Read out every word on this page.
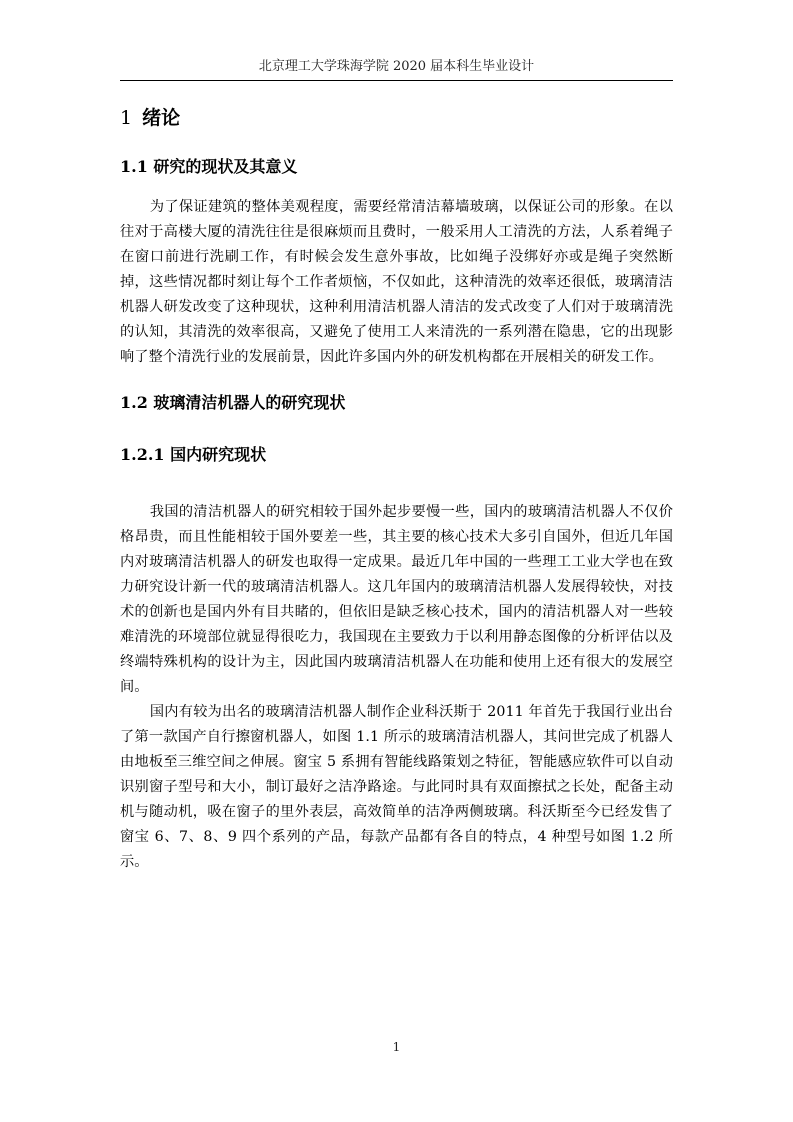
北京理工大学珠海学院 2020 届本科生毕业设计
1 绪论
1.1 研究的现状及其意义

为了保证建筑的整体美观程度，需要经常清洁幕墙玻璃，以保证公司的形象。在以往对于高楼大厦的清洗往往是很麻烦而且费时，一般采用人工清洗的方法，人系着绳子在窗口前进行洗刷工作，有时候会发生意外事故，比如绳子没绑好亦或是绳子突然断掉，这些情况都时刻让每个工作者烦恼，不仅如此，这种清洗的效率还很低，玻璃清洁机器人研发改变了这种现状，这种利用清洁机器人清洁的发式改变了人们对于玻璃清洗的认知，其清洗的效率很高，又避免了使用工人来清洗的一系列潜在隐患，它的出现影响了整个清洗行业的发展前景，因此许多国内外的研发机构都在开展相关的研发工作。

1.2 玻璃清洁机器人的研究现状
1.2.1 国内研究现状

我国的清洁机器人的研究相较于国外起步要慢一些，国内的玻璃清洁机器人不仅价格昂贵，而且性能相较于国外要差一些，其主要的核心技术大多引自国外，但近几年国内对玻璃清洁机器人的研发也取得一定成果。最近几年中国的一些理工工业大学也在致力研究设计新一代的玻璃清洁机器人。这几年国内的玻璃清洁机器人发展得较快，对技术的创新也是国内外有目共睹的，但依旧是缺乏核心技术，国内的清洁机器人对一些较难清洗的环境部位就显得很吃力，我国现在主要致力于以利用静态图像的分析评估以及终端特殊机构的设计为主，因此国内玻璃清洁机器人在功能和使用上还有很大的发展空间。

国内有较为出名的玻璃清洁机器人制作企业科沃斯于 2011 年首先于我国行业出台了第一款国产自行擦窗机器人，如图 1.1 所示的玻璃清洁机器人，其问世完成了机器人由地板至三维空间之伸展。窗宝 5 系拥有智能线路策划之特征，智能感应软件可以自动识别窗子型号和大小，制订最好之洁净路途。与此同时具有双面擦拭之长处，配备主动机与随动机，吸在窗子的里外表层，高效简单的洁净两侧玻璃。科沃斯至今已经发售了窗宝 6、7、8、9 四个系列的产品，每款产品都有各自的特点，4 种型号如图 1.2 所示。

1
